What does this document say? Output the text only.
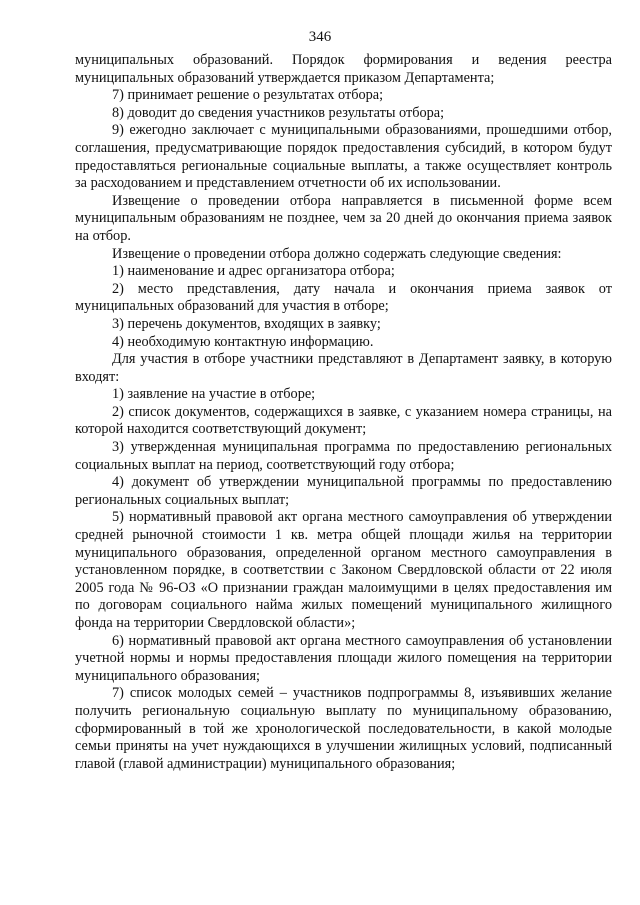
346

муниципальных образований. Порядок формирования и ведения реестра муниципальных образований утверждается приказом Департамента;

7) принимает решение о результатах отбора;

8) доводит до сведения участников результаты отбора;

9) ежегодно заключает с муниципальными образованиями, прошедшими отбор, соглашения, предусматривающие порядок предоставления субсидий, в котором будут предоставляться региональные социальные выплаты, а также осуществляет контроль за расходованием и представлением отчетности об их использовании.

Извещение о проведении отбора направляется в письменной форме всем муниципальным образованиям не позднее, чем за 20 дней до окончания приема заявок на отбор.

Извещение о проведении отбора должно содержать следующие сведения:

1) наименование и адрес организатора отбора;

2) место представления, дату начала и окончания приема заявок от муниципальных образований для участия в отборе;

3) перечень документов, входящих в заявку;

4) необходимую контактную информацию.

Для участия в отборе участники представляют в Департамент заявку, в которую входят:

1) заявление на участие в отборе;

2) список документов, содержащихся в заявке, с указанием номера страницы, на которой находится соответствующий документ;

3) утвержденная муниципальная программа по предоставлению региональных социальных выплат на период, соответствующий году отбора;

4) документ об утверждении муниципальной программы по предоставлению региональных социальных выплат;

5) нормативный правовой акт органа местного самоуправления об утверждении средней рыночной стоимости 1 кв. метра общей площади жилья на территории муниципального образования, определенной органом местного самоуправления в установленном порядке, в соответствии с Законом Свердловской области от 22 июля 2005 года № 96-ОЗ «О признании граждан малоимущими в целях предоставления им по договорам социального найма жилых помещений муниципального жилищного фонда на территории Свердловской области»;

6) нормативный правовой акт органа местного самоуправления об установлении учетной нормы и нормы предоставления площади жилого помещения на территории муниципального образования;

7) список молодых семей – участников подпрограммы 8, изъявивших желание получить региональную социальную выплату по муниципальному образованию, сформированный в той же хронологической последовательности, в какой молодые семьи приняты на учет нуждающихся в улучшении жилищных условий, подписанный главой (главой администрации) муниципального образования;
